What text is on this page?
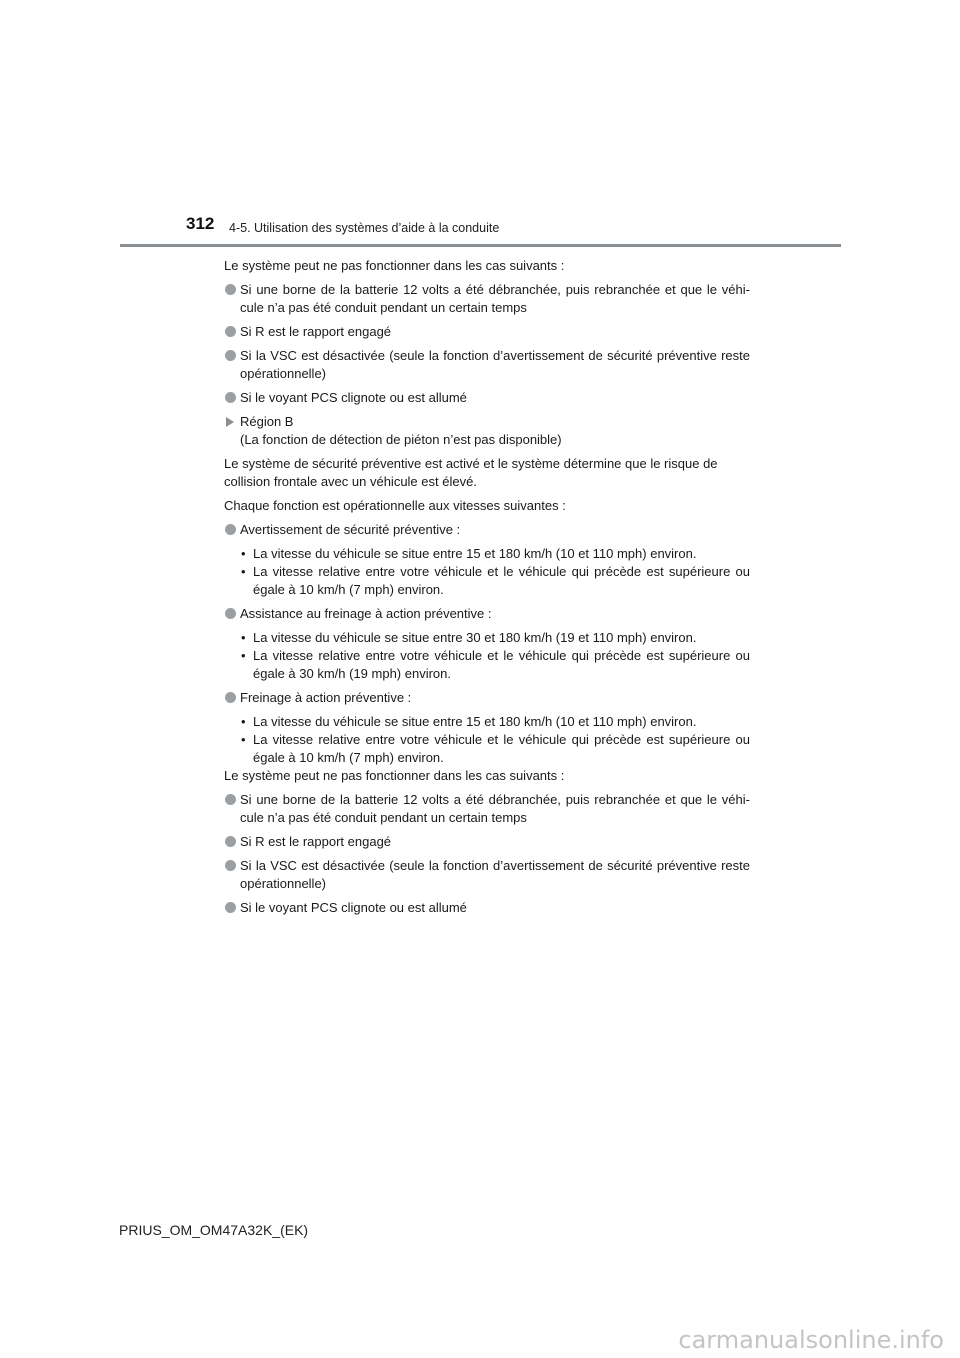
312 4-5. Utilisation des systèmes d’aide à la conduite

Le système peut ne pas fonctionner dans les cas suivants :

Si une borne de la batterie 12 volts a été débranchée, puis rebranchée et que le véhi- cule n’a pas été conduit pendant un certain temps
Si R est le rapport engagé
Si la VSC est désactivée (seule la fonction d’avertissement de sécurité préventive reste opérationnelle)
Si le voyant PCS clignote ou est allumé
Région B
(La fonction de détection de piéton n’est pas disponible)

Le système de sécurité préventive est activé et le système détermine que le risque de collision frontale avec un véhicule est élevé.

Chaque fonction est opérationnelle aux vitesses suivantes :

Avertissement de sécurité préventive :
• La vitesse du véhicule se situe entre 15 et 180 km/h (10 et 110 mph) environ.
• La vitesse relative entre votre véhicule et le véhicule qui précède est supérieure ou égale à 10 km/h (7 mph) environ.
Assistance au freinage à action préventive :
• La vitesse du véhicule se situe entre 30 et 180 km/h (19 et 110 mph) environ.
• La vitesse relative entre votre véhicule et le véhicule qui précède est supérieure ou égale à 30 km/h (19 mph) environ.
Freinage à action préventive :
• La vitesse du véhicule se situe entre 15 et 180 km/h (10 et 110 mph) environ.
• La vitesse relative entre votre véhicule et le véhicule qui précède est supérieure ou égale à 10 km/h (7 mph) environ.

Le système peut ne pas fonctionner dans les cas suivants :

Si une borne de la batterie 12 volts a été débranchée, puis rebranchée et que le véhi- cule n’a pas été conduit pendant un certain temps
Si R est le rapport engagé
Si la VSC est désactivée (seule la fonction d’avertissement de sécurité préventive reste opérationnelle)
Si le voyant PCS clignote ou est allumé
PRIUS_OM_OM47A32K_(EK)
carmanualsonline.info
